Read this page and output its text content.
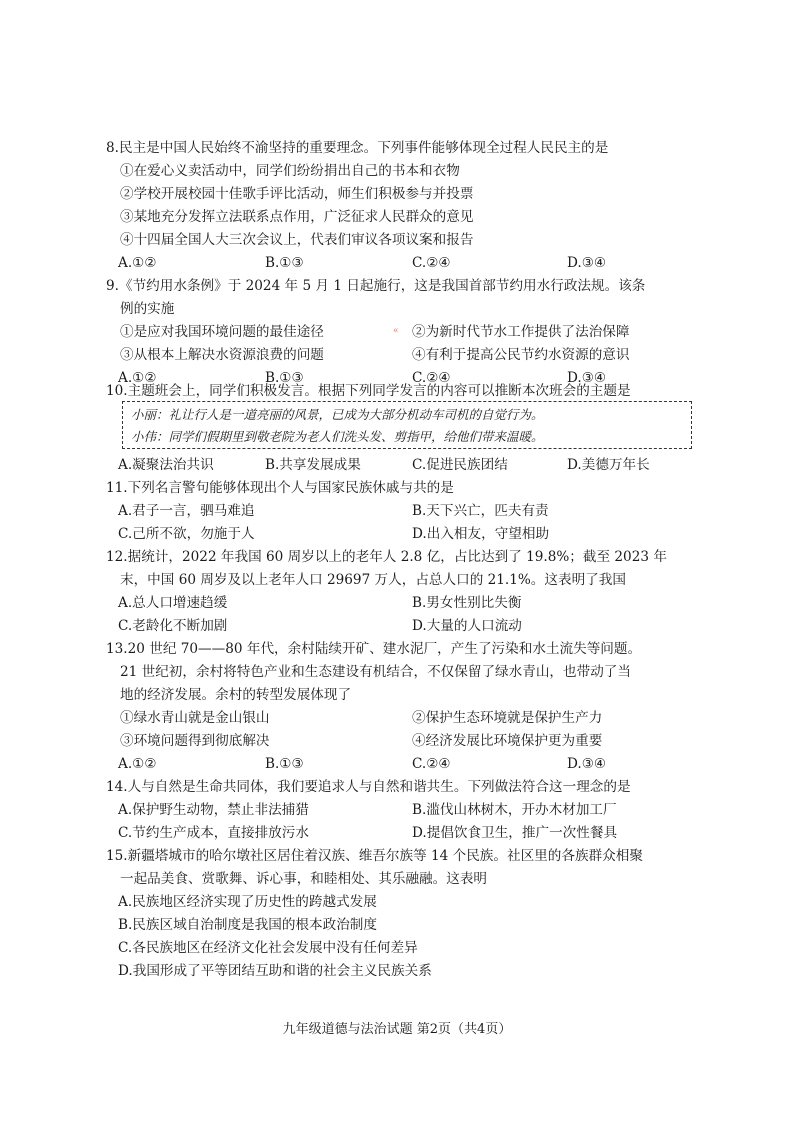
8.民主是中国人民始终不渝坚持的重要理念。下列事件能够体现全过程人民民主的是
①在爱心义卖活动中，同学们纷纷捐出自己的书本和衣物
②学校开展校园十佳歌手评比活动，师生们积极参与并投票
③某地充分发挥立法联系点作用，广泛征求人民群众的意见
④十四届全国人大三次会议上，代表们审议各项议案和报告
A.①②	B.①③	C.②④	D.③④
9.《节约用水条例》于 2024 年 5 月 1 日起施行，这是我国首部节约用水行政法规。该条
例的实施
①是应对我国环境问题的最佳途径	②为新时代节水工作提供了法治保障
③从根本上解决水资源浪费的问题	④有利于提高公民节约水资源的意识
«
A.①②	B.①③	C.②④	D.③④
10.主题班会上，同学们积极发言。根据下列同学发言的内容可以推断本次班会的主题是
小丽：礼让行人是一道亮丽的风景，已成为大部分机动车司机的自觉行为。
小伟：同学们假期里到敬老院为老人们洗头发、剪指甲，给他们带来温暖。
A.凝聚法治共识	B.共享发展成果	C.促进民族团结	D.美德万年长
11.下列名言警句能够体现出个人与国家民族休戚与共的是
A.君子一言，驷马难追	B.天下兴亡，匹夫有责
C.己所不欲，勿施于人	D.出入相友，守望相助
12.据统计，2022 年我国 60 周岁以上的老年人 2.8 亿，占比达到了 19.8%；截至 2023 年
末，中国 60 周岁及以上老年人口 29697 万人，占总人口的 21.1%。这表明了我国
A.总人口增速趋缓	B.男女性别比失衡
C.老龄化不断加剧	D.大量的人口流动
13.20 世纪 70——80 年代，余村陆续开矿、建水泥厂，产生了污染和水土流失等问题。
21 世纪初，余村将特色产业和生态建设有机结合，不仅保留了绿水青山，也带动了当
地的经济发展。余村的转型发展体现了
①绿水青山就是金山银山	②保护生态环境就是保护生产力
③环境问题得到彻底解决	④经济发展比环境保护更为重要
A.①②	B.①③	C.②④	D.③④
14.人与自然是生命共同体，我们要追求人与自然和谐共生。下列做法符合这一理念的是
A.保护野生动物，禁止非法捕猎	B.滥伐山林树木，开办木材加工厂
C.节约生产成本，直接排放污水	D.提倡饮食卫生，推广一次性餐具
15.新疆塔城市的哈尔墩社区居住着汉族、维吾尔族等 14 个民族。社区里的各族群众相聚
一起品美食、赏歌舞、诉心事，和睦相处、其乐融融。这表明
A.民族地区经济实现了历史性的跨越式发展
B.民族区域自治制度是我国的根本政治制度
C.各民族地区在经济文化社会发展中没有任何差异
D.我国形成了平等团结互助和谐的社会主义民族关系
九年级道德与法治试题 第2页（共4页）
